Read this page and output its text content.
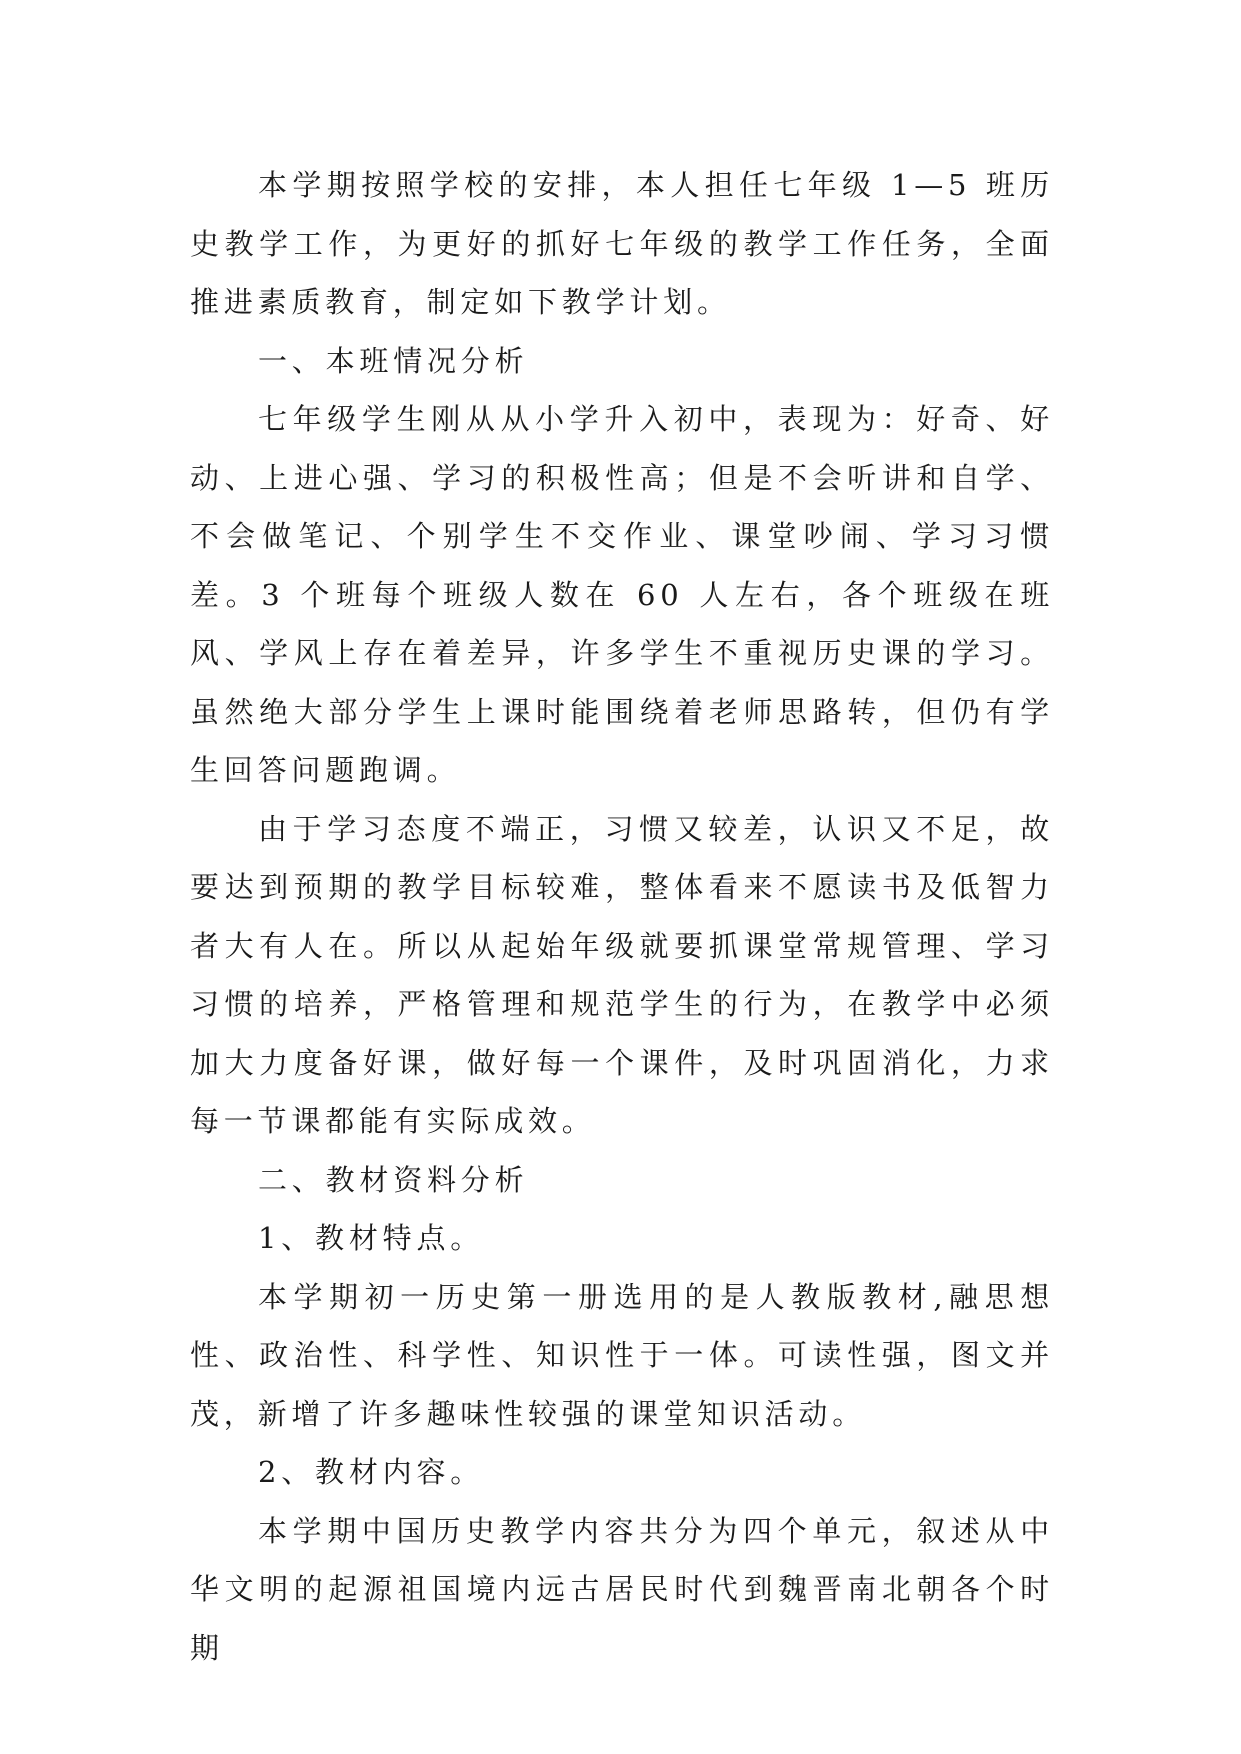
本学期按照学校的安排，本人担任七年级 1—5 班历史教学工作，为更好的抓好七年级的教学工作任务，全面推进素质教育，制定如下教学计划。

一、本班情况分析

七年级学生刚从从小学升入初中，表现为：好奇、好动、上进心强、学习的积极性高；但是不会听讲和自学、不会做笔记、个别学生不交作业、课堂吵闹、学习习惯差。3 个班每个班级人数在 60 人左右，各个班级在班风、学风上存在着差异，许多学生不重视历史课的学习。虽然绝大部分学生上课时能围绕着老师思路转，但仍有学生回答问题跑调。

由于学习态度不端正，习惯又较差，认识又不足，故要达到预期的教学目标较难，整体看来不愿读书及低智力者大有人在。所以从起始年级就要抓课堂常规管理、学习习惯的培养，严格管理和规范学生的行为，在教学中必须加大力度备好课，做好每一个课件，及时巩固消化，力求每一节课都能有实际成效。

二、教材资料分析

1、教材特点。

本学期初一历史第一册选用的是人教版教材,融思想性、政治性、科学性、知识性于一体。可读性强，图文并茂，新增了许多趣味性较强的课堂知识活动。

2、教材内容。

本学期中国历史教学内容共分为四个单元，叙述从中华文明的起源祖国境内远古居民时代到魏晋南北朝各个时期
